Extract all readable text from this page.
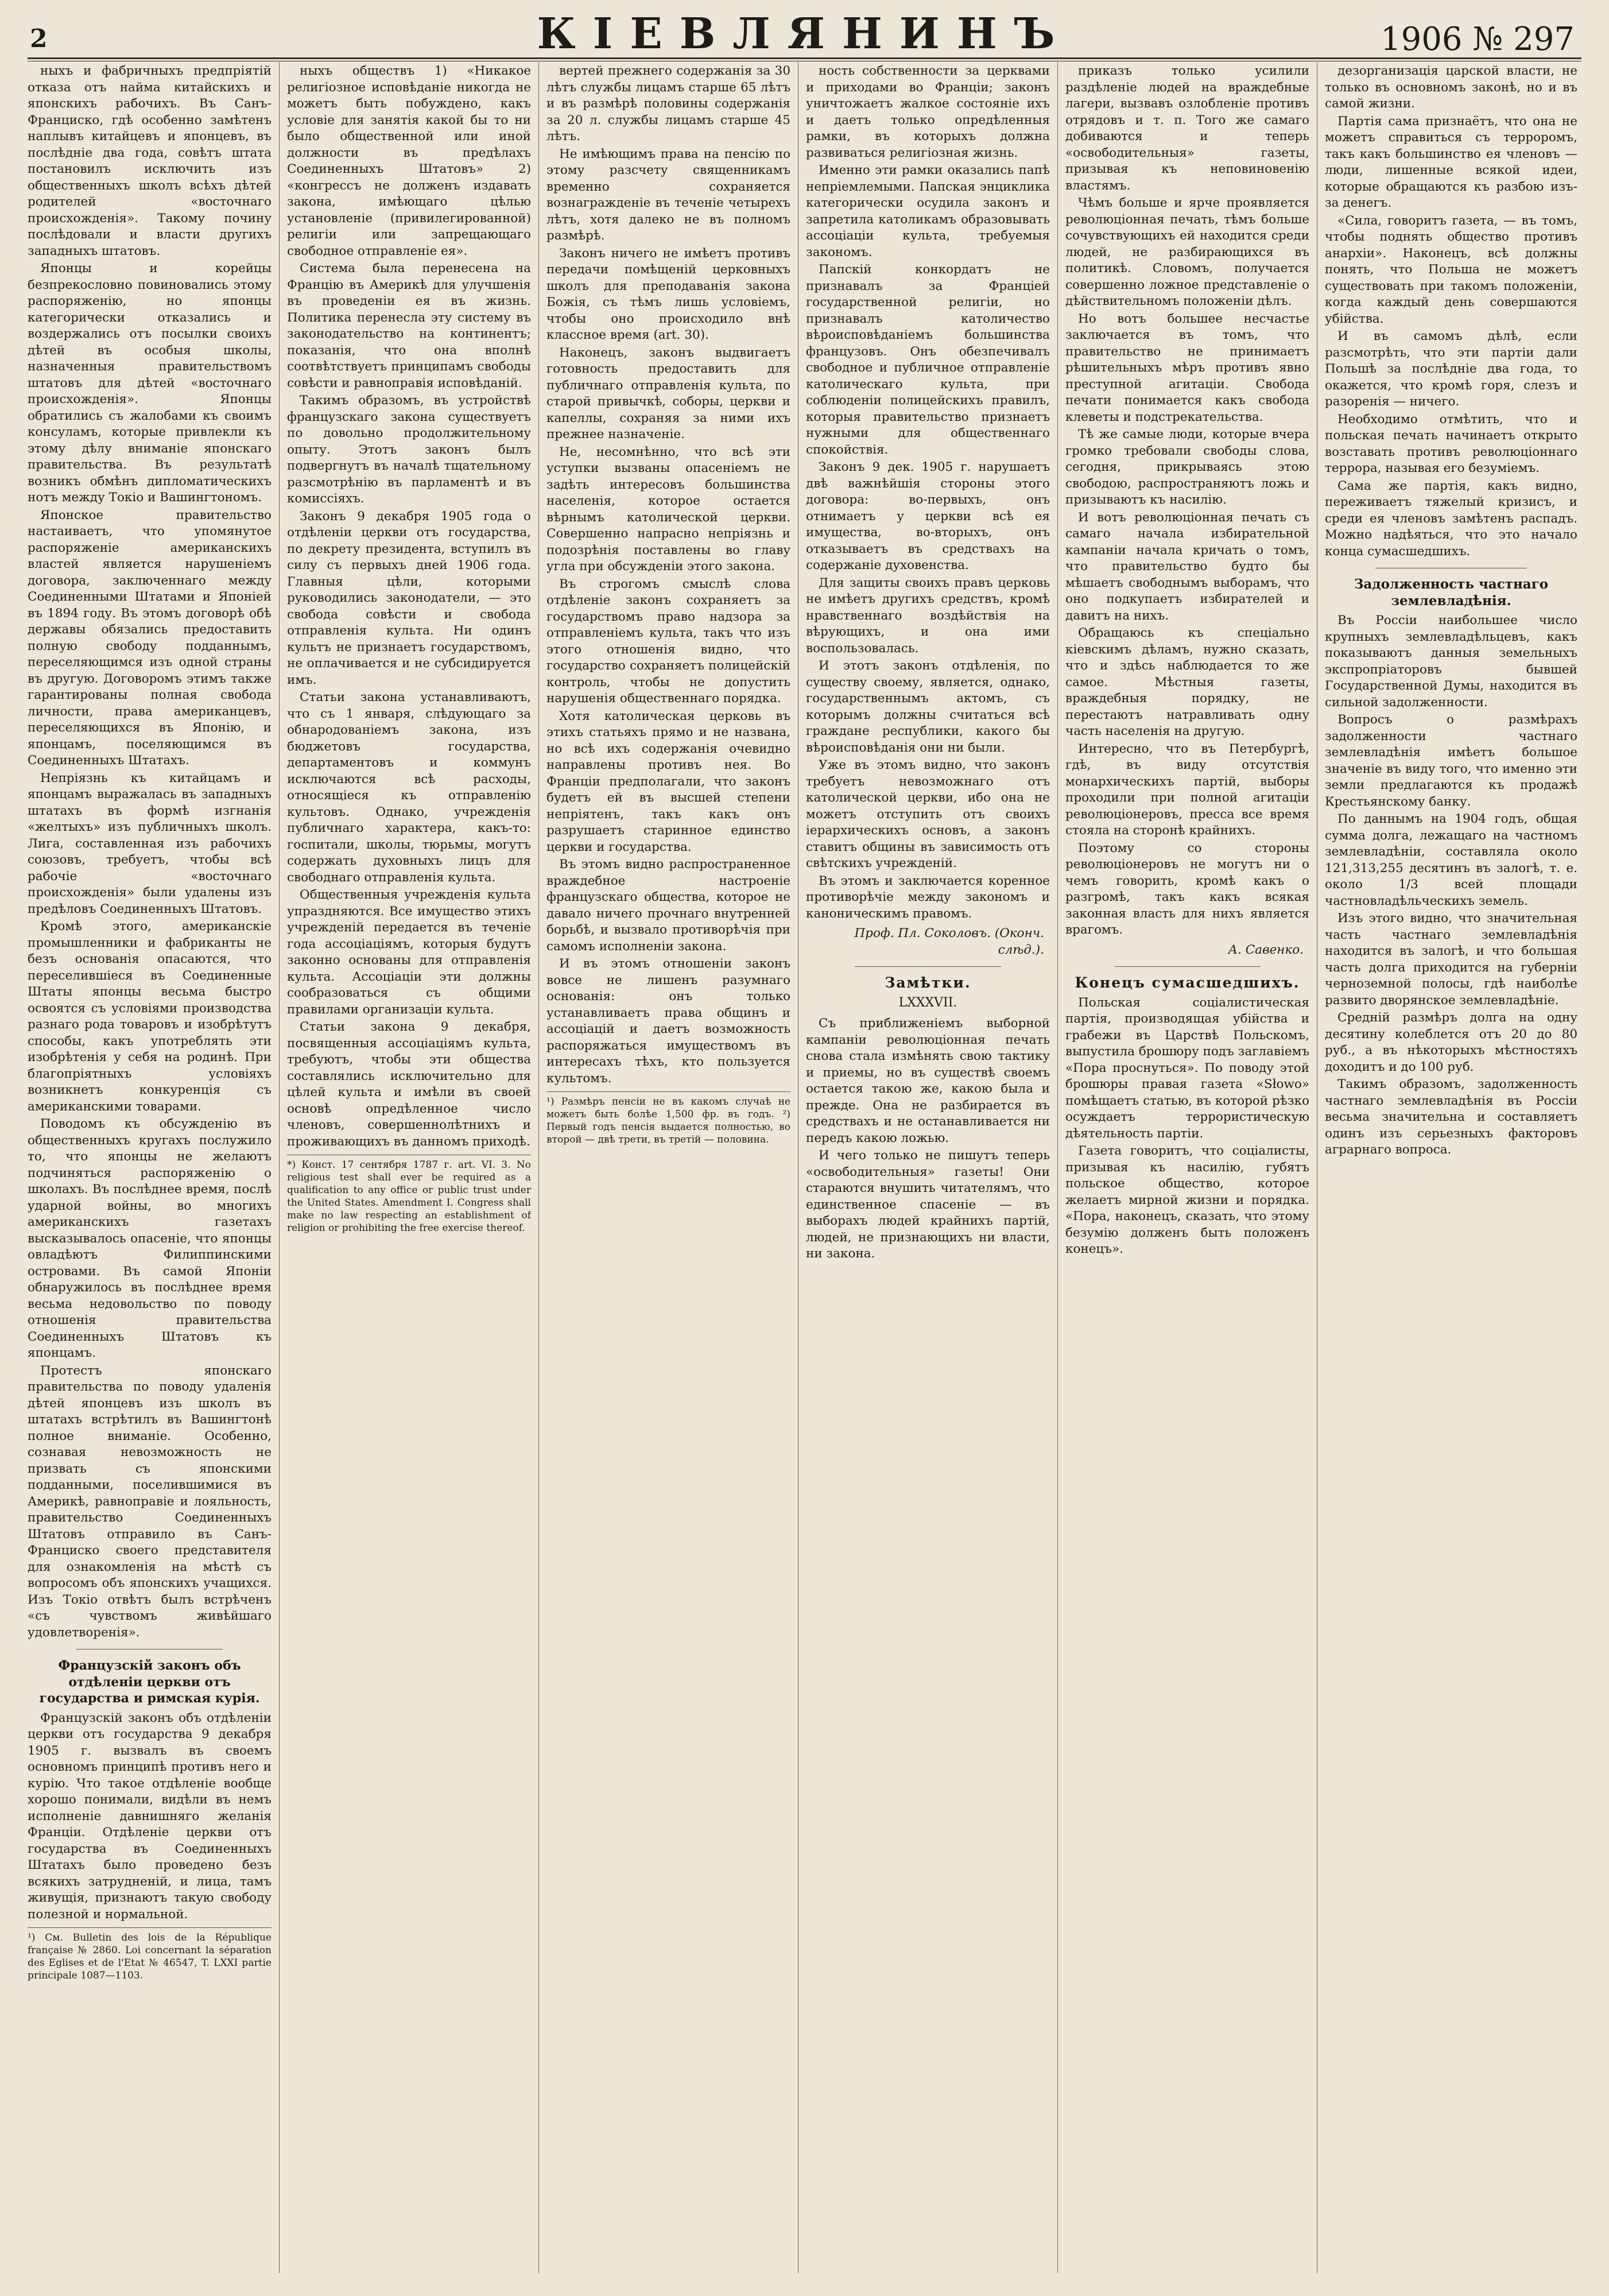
2	КІЕВЛЯНИНЪ	1906 № 297

ныхъ и фабричныхъ предпріятій отказа отъ найма китайскихъ и японскихъ рабочихъ. Въ Санъ-Франциско, гдѣ особенно замѣтенъ наплывъ китайцевъ и японцевъ, въ послѣдніе два года, совѣтъ штата постановилъ исключить изъ общественныхъ школъ всѣхъ дѣтей родителей «восточнаго происхожденія». Такому почину послѣдовали и власти другихъ западныхъ штатовъ.

Японцы и корейцы безпрекословно повиновались этому распоряженію, но японцы категорически отказались и воздержались отъ посылки своихъ дѣтей въ особыя школы, назначенныя правительствомъ штатовъ для дѣтей «восточнаго происхожденія». Японцы обратились съ жалобами къ своимъ консуламъ, которые привлекли къ этому дѣлу вниманіе японскаго правительства. Въ результатѣ возникъ обмѣнъ дипломатическихъ нотъ между Токіо и Вашингтономъ.

Японское правительство настаиваетъ, что упомянутое распоряженіе американскихъ властей является нарушеніемъ договора, заключеннаго между Соединенными Штатами и Японіей въ 1894 году. Въ этомъ договорѣ обѣ державы обязались предоставить полную свободу подданнымъ, переселяющимся изъ одной страны въ другую. Договоромъ этимъ также гарантированы полная свобода личности, права американцевъ, переселяющихся въ Японію, и японцамъ, поселяющимся въ Соединенныхъ Штатахъ.

Непріязнь къ китайцамъ и японцамъ выражалась въ западныхъ штатахъ въ формѣ изгнанія «желтыхъ» изъ публичныхъ школъ. Лига, составленная изъ рабочихъ союзовъ, требуетъ, чтобы всѣ рабочіе «восточнаго происхожденія» были удалены изъ предѣловъ Соединенныхъ Штатовъ.

Кромѣ этого, американскіе промышленники и фабриканты не безъ основанія опасаются, что переселившіеся въ Соединенные Штаты японцы весьма быстро освоятся съ условіями производства разнаго рода товаровъ и изобрѣтутъ способы, какъ употреблять эти изобрѣтенія у себя на родинѣ. При благопріятныхъ условіяхъ возникнетъ конкуренція съ американскими товарами.

Поводомъ къ обсужденію въ общественныхъ кругахъ послужило то, что японцы не желаютъ подчиняться распоряженію о школахъ. Въ послѣднее время, послѣ ударной войны, во многихъ американскихъ газетахъ высказывалось опасеніе, что японцы овладѣютъ Филиппинскими островами. Въ самой Японіи обнаружилось въ послѣднее время весьма недовольство по поводу отношенія правительства Соединенныхъ Штатовъ къ японцамъ.

Протестъ японскаго правительства по поводу удаленія дѣтей японцевъ изъ школъ въ штатахъ встрѣтилъ въ Вашингтонѣ полное вниманіе. Особенно, сознавая невозможность не призвать съ японскими подданными, поселившимися въ Америкѣ, равноправіе и лояльность, правительство Соединенныхъ Штатовъ отправило въ Санъ-Франциско своего представителя для ознакомленія на мѣстѣ съ вопросомъ объ японскихъ учащихся. Изъ Токіо отвѣтъ былъ встрѣченъ «съ чувствомъ живѣйшаго удовлетворенія».

Французскій законъ объ отдѣленіи церкви отъ государства и римская курія.

Французскій законъ объ отдѣленіи церкви отъ государства 9 декабря 1905 г. вызвалъ въ своемъ основномъ принципѣ противъ него и курію. Что такое отдѣленіе вообще хорошо понимали, видѣли въ немъ исполненіе давнишняго желанія Франціи. Отдѣленіе церкви отъ государства въ Соединенныхъ Штатахъ было проведено безъ всякихъ затрудненій, и лица, тамъ живущія, признаютъ такую свободу полезной и нормальной.

¹) См. Bulletin des lois de la République française № 2860. Loi concernant la séparation des Eglises et de l'Etat № 46547, T. LXXI partie principale 1087—1103.

ныхъ обществъ 1) «Никакое религіозное исповѣданіе никогда не можетъ быть побуждено, какъ условіе для занятія какой бы то ни было общественной или иной должности въ предѣлахъ Соединенныхъ Штатовъ» 2) «конгрессъ не долженъ издавать закона, имѣющаго цѣлью установленіе (привилегированной) религіи или запрещающаго свободное отправленіе ея».

Система была перенесена на Францію въ Америкѣ для улучшенія въ проведеніи ея въ жизнь. Политика перенесла эту систему въ законодательство на континентъ; показанія, что она вполнѣ соотвѣтствуетъ принципамъ свободы совѣсти и равноправія исповѣданій.

Такимъ образомъ, въ устройствѣ французскаго закона существуетъ по довольно продолжительному опыту. Этотъ законъ былъ подвергнутъ въ началѣ тщательному разсмотрѣнію въ парламентѣ и въ комиссіяхъ.

Законъ 9 декабря 1905 года о отдѣленіи церкви отъ государства, по декрету президента, вступилъ въ силу съ первыхъ дней 1906 года. Главныя цѣли, которыми руководились законодатели, — это свобода совѣсти и свобода отправленія культа. Ни одинъ культъ не признаетъ государствомъ, не оплачивается и не субсидируется имъ.

Статьи закона устанавливаютъ, что съ 1 января, слѣдующаго за обнародованіемъ закона, изъ бюджетовъ государства, департаментовъ и коммунъ исключаются всѣ расходы, относящіеся къ отправленію культовъ. Однако, учрежденія публичнаго характера, какъ-то: госпитали, школы, тюрьмы, могутъ содержать духовныхъ лицъ для свободнаго отправленія культа.

Общественныя учрежденія культа упраздняются. Все имущество этихъ учрежденій передается въ теченіе года ассоціаціямъ, которыя будутъ законно основаны для отправленія культа. Ассоціаціи эти должны сообразоваться съ общими правилами организаціи культа.

Статьи закона 9 декабря, посвященныя ассоціаціямъ культа, требуютъ, чтобы эти общества составлялись исключительно для цѣлей культа и имѣли въ своей основѣ опредѣленное число членовъ, совершеннолѣтнихъ и проживающихъ въ данномъ приходѣ.

*) Конст. 17 сентября 1787 г. art. VI. 3. No religious test shall ever be required as a qualification to any office or public trust under the United States. Amendment I. Congress shall make no law respecting an establishment of religion or prohibiting the free exercise thereof.

вертей прежнего содержанія за 30 лѣтъ службы лицамъ старше 65 лѣтъ и въ размѣрѣ половины содержанія за 20 л. службы лицамъ старше 45 лѣтъ.

Не имѣющимъ права на пенсію по этому разсчету священникамъ временно сохраняется вознагражденіе въ теченіе четырехъ лѣтъ, хотя далеко не въ полномъ размѣрѣ.

Законъ ничего не имѣетъ противъ передачи помѣщеній церковныхъ школъ для преподаванія закона Божія, съ тѣмъ лишь условіемъ, чтобы оно происходило внѣ классное время (art. 30).

Наконецъ, законъ выдвигаетъ готовность предоставить для публичнаго отправленія культа, по старой привычкѣ, соборы, церкви и капеллы, сохраняя за ними ихъ прежнее назначеніе.

Не, несомнѣнно, что всѣ эти уступки вызваны опасеніемъ не задѣть интересовъ большинства населенія, которое остается вѣрнымъ католической церкви. Совершенно напрасно непріязнь и подозрѣнія поставлены во главу угла при обсужденіи этого закона.

Въ строгомъ смыслѣ слова отдѣленіе законъ сохраняетъ за государствомъ право надзора за отправленіемъ культа, такъ что изъ этого отношенія видно, что государство сохраняетъ полицейскій контроль, чтобы не допустить нарушенія общественнаго порядка.

Хотя католическая церковь въ этихъ статьяхъ прямо и не названа, но всѣ ихъ содержанія очевидно направлены противъ нея. Во Франціи предполагали, что законъ будетъ ей въ высшей степени непріятенъ, такъ какъ онъ разрушаетъ старинное единство церкви и государства.

Въ этомъ видно распространенное враждебное настроеніе французскаго общества, которое не давало ничего прочнаго внутренней борьбѣ, и вызвало противорѣчія при самомъ исполненіи закона.

И въ этомъ отношеніи законъ вовсе не лишенъ разумнаго основанія: онъ только устанавливаетъ права общинъ и ассоціацій и даетъ возможность распоряжаться имуществомъ въ интересахъ тѣхъ, кто пользуется культомъ.

¹) Размѣръ пенсіи не въ какомъ случаѣ не можетъ быть болѣе 1,500 фр. въ годъ. ²) Первый годъ пенсія выдается полностью, во второй — двѣ трети, въ третій — половина.

ность собственности за церквами и приходами во Франціи; законъ уничтожаетъ жалкое состояніе ихъ и даетъ только опредѣленныя рамки, въ которыхъ должна развиваться религіозная жизнь.

Именно эти рамки оказались папѣ непріемлемыми. Папская энциклика категорически осудила законъ и запретила католикамъ образовывать ассоціаціи культа, требуемыя закономъ.

Папскій конкордатъ не признавалъ за Франціей государственной религіи, но признавалъ католичество вѣроисповѣданіемъ большинства французовъ. Онъ обезпечивалъ свободное и публичное отправленіе католическаго культа, при соблюденіи полицейскихъ правилъ, которыя правительство признаетъ нужными для общественнаго спокойствія.

Законъ 9 дек. 1905 г. нарушаетъ двѣ важнѣйшія стороны этого договора: во-первыхъ, онъ отнимаетъ у церкви всѣ ея имущества, во-вторыхъ, онъ отказываетъ въ средствахъ на содержаніе духовенства.

Для защиты своихъ правъ церковь не имѣетъ другихъ средствъ, кромѣ нравственнаго воздѣйствія на вѣрующихъ, и она ими воспользовалась.

И этотъ законъ отдѣленія, по существу своему, является, однако, государственнымъ актомъ, съ которымъ должны считаться всѣ граждане республики, какого бы вѣроисповѣданія они ни были.

Уже въ этомъ видно, что законъ требуетъ невозможнаго отъ католической церкви, ибо она не можетъ отступить отъ своихъ іерархическихъ основъ, а законъ ставитъ общины въ зависимость отъ свѣтскихъ учрежденій.

Въ этомъ и заключается коренное противорѣчіе между закономъ и каноническимъ правомъ.

Проф. Пл. Соколовъ. (Оконч. слѣд.).
Замѣтки.
LXXXVII.

Съ приближеніемъ выборной кампаніи революціонная печать снова стала измѣнять свою тактику и приемы, но въ существѣ своемъ остается такою же, какою была и прежде. Она не разбирается въ средствахъ и не останавливается ни передъ какою ложью.

И чего только не пишутъ теперь «освободительныя» газеты! Они стараются внушить читателямъ, что единственное спасеніе — въ выборахъ людей крайнихъ партій, людей, не признающихъ ни власти, ни закона.

приказъ только усилили раздѣленіе людей на враждебные лагери, вызвавъ озлобленіе противъ отрядовъ и т. п. Того же самаго добиваются и теперь «освободительныя» газеты, призывая къ неповиновенію властямъ.

Чѣмъ больше и ярче проявляется революціонная печать, тѣмъ больше сочувствующихъ ей находится среди людей, не разбирающихся въ политикѣ. Словомъ, получается совершенно ложное представленіе о дѣйствительномъ положеніи дѣлъ.

Но вотъ большее несчастье заключается въ томъ, что правительство не принимаетъ рѣшительныхъ мѣръ противъ явно преступной агитаціи. Свобода печати понимается какъ свобода клеветы и подстрекательства.

Тѣ же самые люди, которые вчера громко требовали свободы слова, сегодня, прикрываясь этою свободою, распространяютъ ложь и призываютъ къ насилію.

И вотъ революціонная печать съ самаго начала избирательной кампаніи начала кричать о томъ, что правительство будто бы мѣшаетъ свободнымъ выборамъ, что оно подкупаетъ избирателей и давитъ на нихъ.

Обращаюсь къ спеціально кіевскимъ дѣламъ, нужно сказать, что и здѣсь наблюдается то же самое. Мѣстныя газеты, враждебныя порядку, не перестаютъ натравливать одну часть населенія на другую.

Интересно, что въ Петербургѣ, гдѣ, въ виду отсутствія монархическихъ партій, выборы проходили при полной агитаціи революціонеровъ, пресса все время стояла на сторонѣ крайнихъ.

Поэтому со стороны революціонеровъ не могутъ ни о чемъ говорить, кромѣ какъ о разгромѣ, такъ какъ всякая законная власть для нихъ является врагомъ.

А. Савенко.
Конецъ сумасшедшихъ.

Польская соціалистическая партія, производящая убійства и грабежи въ Царствѣ Польскомъ, выпустила брошюру подъ заглавіемъ «Пора проснуться». По поводу этой брошюры правая газета «Słowo» помѣщаетъ статью, въ которой рѣзко осуждаетъ террористическую дѣятельность партіи.

Газета говоритъ, что соціалисты, призывая къ насилію, губятъ польское общество, которое желаетъ мирной жизни и порядка. «Пора, наконецъ, сказать, что этому безумію долженъ быть положенъ конецъ».

дезорганизація царской власти, не только въ основномъ законѣ, но и въ самой жизни.

Партія сама признаётъ, что она не можетъ справиться съ терроромъ, такъ какъ большинство ея членовъ — люди, лишенные всякой идеи, которые обращаются къ разбою изъ-за денегъ.

«Сила, говоритъ газета, — въ томъ, чтобы поднять общество противъ анархіи». Наконецъ, всѣ должны понять, что Польша не можетъ существовать при такомъ положеніи, когда каждый день совершаются убійства.

И въ самомъ дѣлѣ, если разсмотрѣть, что эти партіи дали Польшѣ за послѣдніе два года, то окажется, что кромѣ горя, слезъ и разоренія — ничего.

Необходимо отмѣтить, что и польская печать начинаетъ открыто возставать противъ революціоннаго террора, называя его безуміемъ.

Сама же партія, какъ видно, переживаетъ тяжелый кризисъ, и среди ея членовъ замѣтенъ распадъ. Можно надѣяться, что это начало конца сумасшедшихъ.

Задолженность частнаго землевладѣнія.

Въ Россіи наибольшее число крупныхъ землевладѣльцевъ, какъ показываютъ данныя земельныхъ экспропріаторовъ бывшей Государственной Думы, находится въ сильной задолженности.

Вопросъ о размѣрахъ задолженности частнаго землевладѣнія имѣетъ большое значеніе въ виду того, что именно эти земли предлагаются къ продажѣ Крестьянскому банку.

По даннымъ на 1904 годъ, общая сумма долга, лежащаго на частномъ землевладѣніи, составляла около 121,313,255 десятинъ въ залогѣ, т. е. около 1/3 всей площади частновладѣльческихъ земель.

Изъ этого видно, что значительная часть частнаго землевладѣнія находится въ залогѣ, и что большая часть долга приходится на губерніи черноземной полосы, гдѣ наиболѣе развито дворянское землевладѣніе.

Средній размѣръ долга на одну десятину колеблется отъ 20 до 80 руб., а въ нѣкоторыхъ мѣстностяхъ доходитъ и до 100 руб.

Такимъ образомъ, задолженность частнаго землевладѣнія въ Россіи весьма значительна и составляетъ одинъ изъ серьезныхъ факторовъ аграрнаго вопроса.
